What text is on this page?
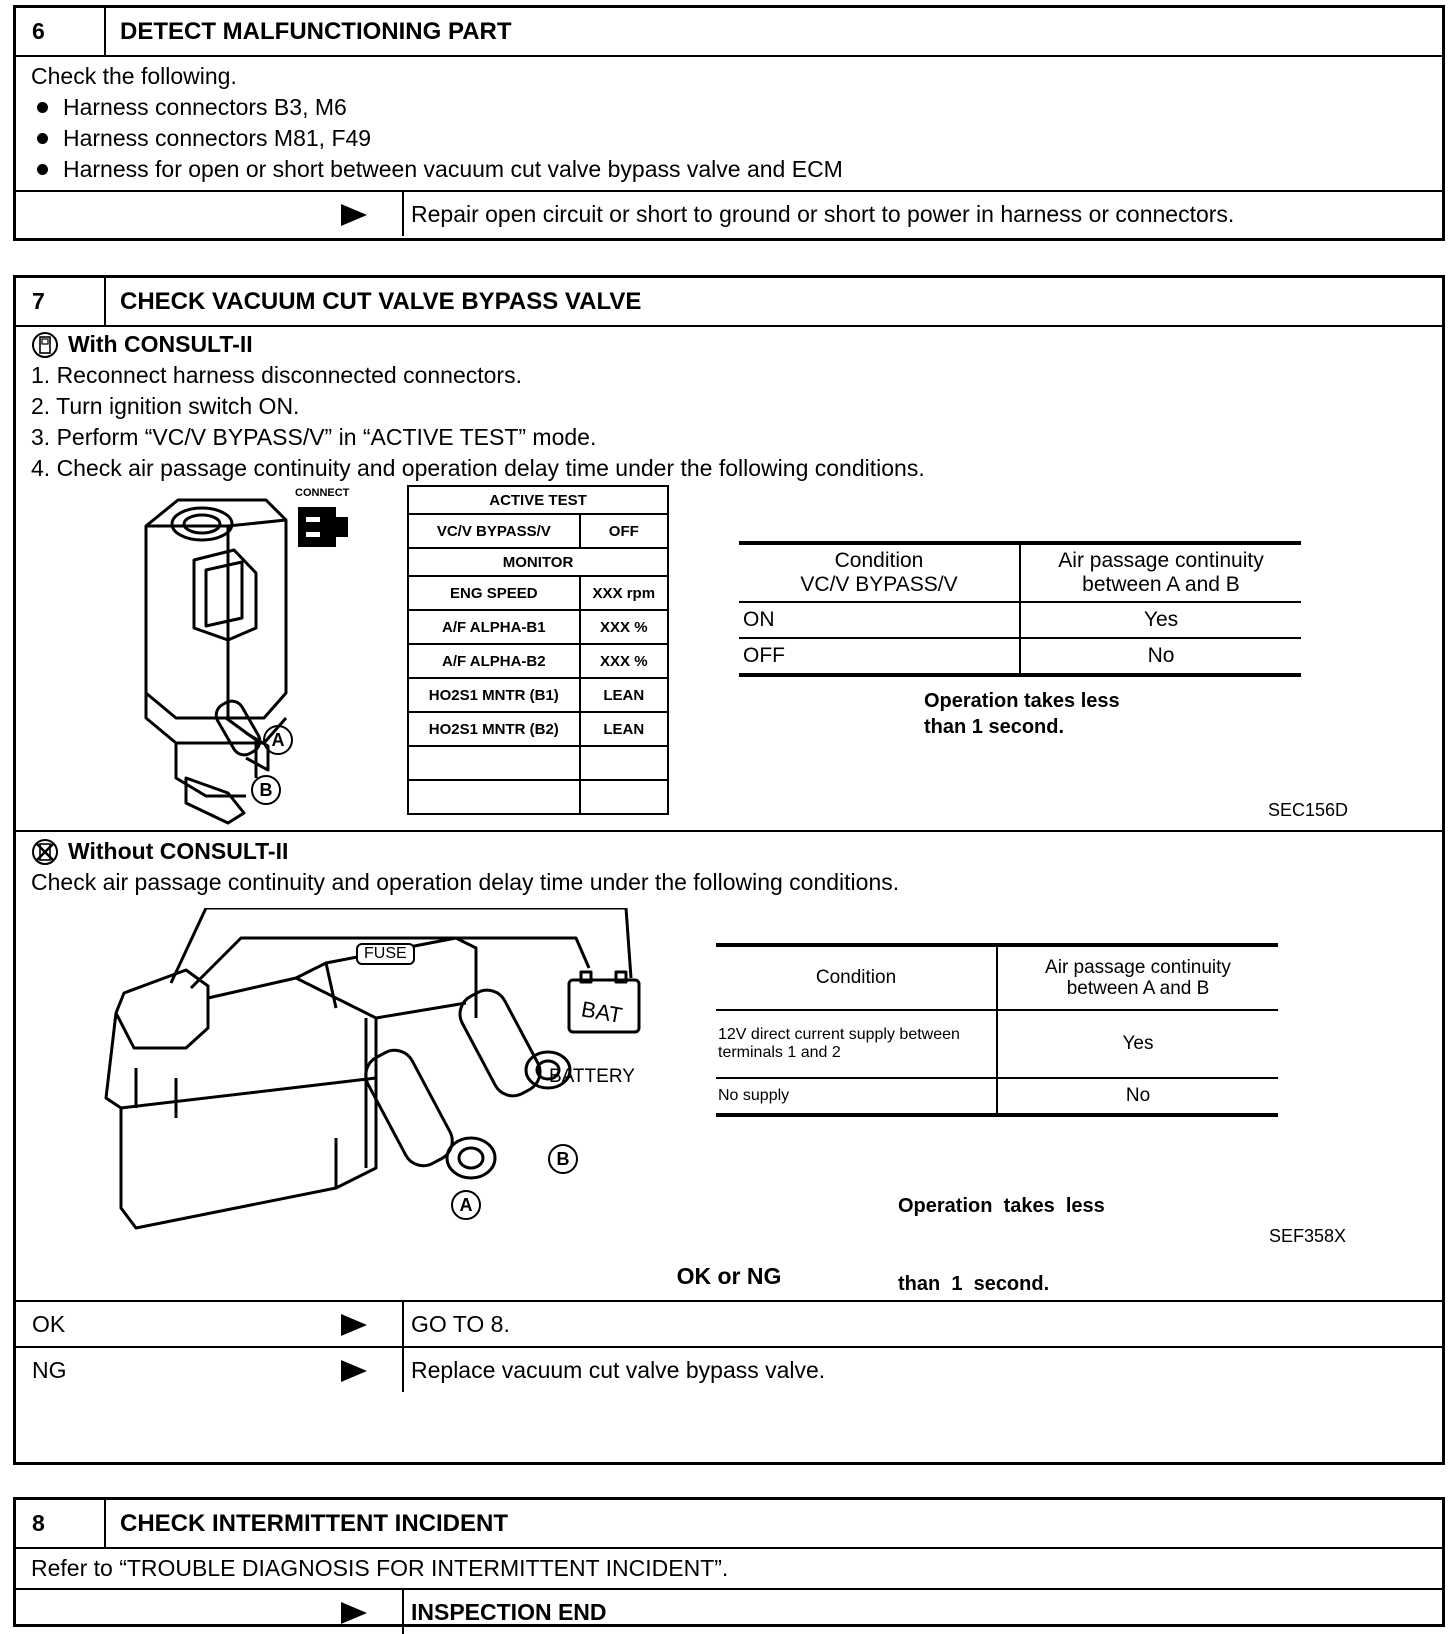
6	DETECT MALFUNCTIONING PART
Check the following.
Harness connectors B3, M6
Harness connectors M81, F49
Harness for open or short between vacuum cut valve bypass valve and ECM
Repair open circuit or short to ground or short to power in harness or connectors.
7	CHECK VACUUM CUT VALVE BYPASS VALVE
With CONSULT-II
1. Reconnect harness disconnected connectors.
2. Turn ignition switch ON.
3. Perform “VC/V BYPASS/V” in “ACTIVE TEST” mode.
4. Check air passage continuity and operation delay time under the following conditions.
A
B
CONNECT	ACTIVE TEST	
VC/V BYPASS/V	OFF
MONITOR	
ENG SPEED	XXX rpm
A/F ALPHA-B1	XXX %
A/F ALPHA-B2	XXX %
HO2S1 MNTR (B1)	LEAN
HO2S1 MNTR (B2)	LEAN

Condition
VC/V BYPASS/V	Air passage continuity
between A and B
ON	Yes
OFF	No
Operation takes less
than 1 second.
SEC156D
Without CONSULT-II
Check air passage continuity and operation delay time under the following conditions.
BAT
FUSE
BATTERY
B
A
Condition	Air passage continuity
between A and B
12V direct current supply between
terminals 1 and 2	Yes
No supply	No

Operation  takes  less

than  1  second.

SEF358X
OK or NG
OK	GO TO 8.
NG	Replace vacuum cut valve bypass valve.
8	CHECK INTERMITTENT INCIDENT
Refer to “TROUBLE DIAGNOSIS FOR INTERMITTENT INCIDENT”.
INSPECTION END
